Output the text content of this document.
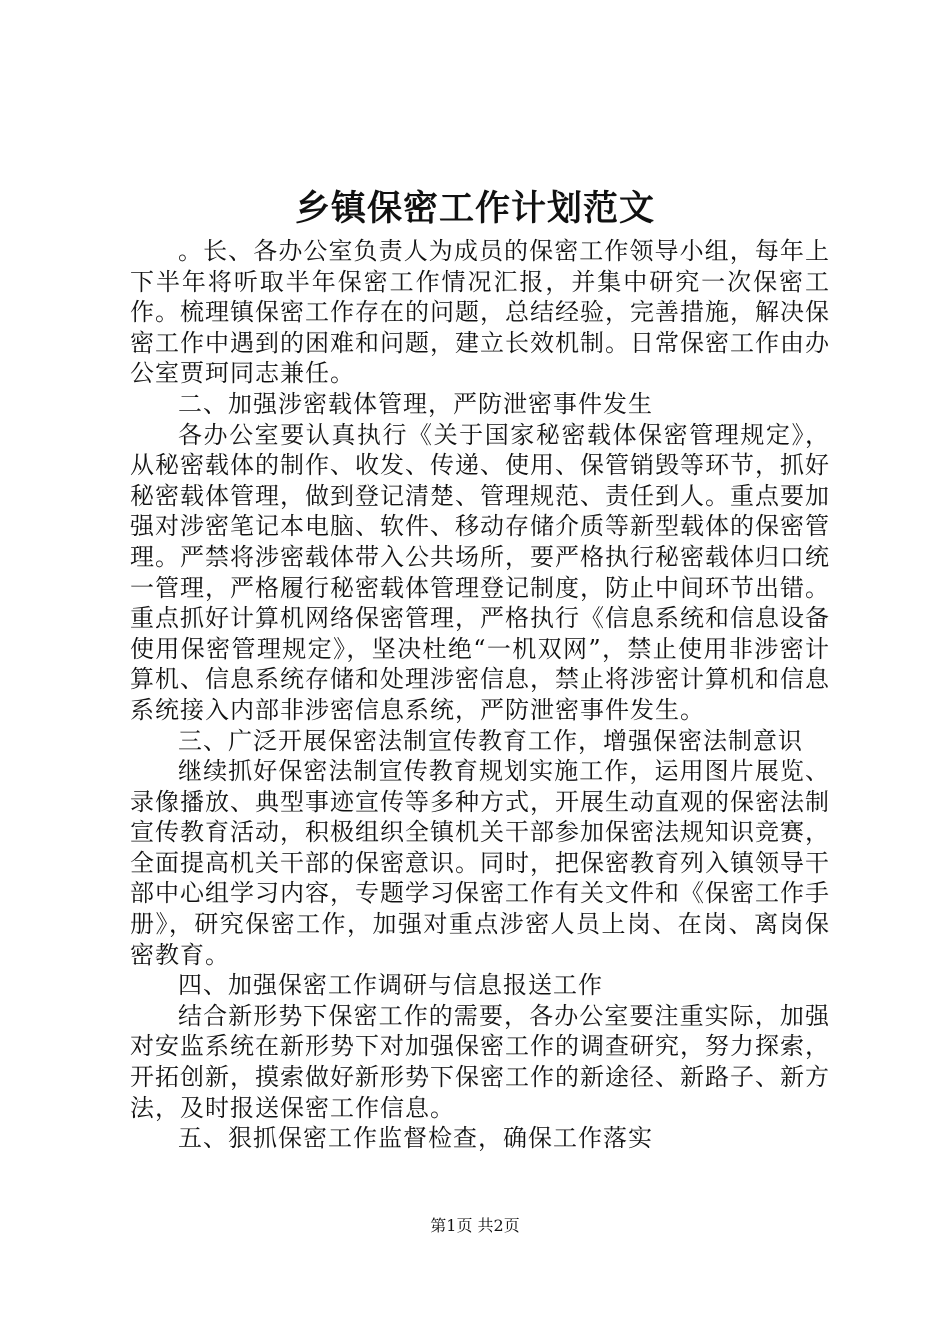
乡镇保密工作计划范文

。长、各办公室负责人为成员的保密工作领导小组，每年上下半年将听取半年保密工作情况汇报，并集中研究一次保密工作。梳理镇保密工作存在的问题，总结经验，完善措施，解决保密工作中遇到的困难和问题，建立长效机制。日常保密工作由办公室贾珂同志兼任。

二、加强涉密载体管理，严防泄密事件发生

各办公室要认真执行《关于国家秘密载体保密管理规定》，从秘密载体的制作、收发、传递、使用、保管销毁等环节，抓好秘密载体管理，做到登记清楚、管理规范、责任到人。重点要加强对涉密笔记本电脑、软件、移动存储介质等新型载体的保密管理。严禁将涉密载体带入公共场所，要严格执行秘密载体归口统一管理，严格履行秘密载体管理登记制度，防止中间环节出错。重点抓好计算机网络保密管理，严格执行《信息系统和信息设备使用保密管理规定》，坚决杜绝“一机双网”，禁止使用非涉密计算机、信息系统存储和处理涉密信息，禁止将涉密计算机和信息系统接入内部非涉密信息系统，严防泄密事件发生。

三、广泛开展保密法制宣传教育工作，增强保密法制意识

继续抓好保密法制宣传教育规划实施工作，运用图片展览、录像播放、典型事迹宣传等多种方式，开展生动直观的保密法制宣传教育活动，积极组织全镇机关干部参加保密法规知识竞赛，全面提高机关干部的保密意识。同时，把保密教育列入镇领导干部中心组学习内容，专题学习保密工作有关文件和《保密工作手册》，研究保密工作，加强对重点涉密人员上岗、在岗、离岗保密教育。

四、加强保密工作调研与信息报送工作

结合新形势下保密工作的需要，各办公室要注重实际，加强对安监系统在新形势下对加强保密工作的调查研究，努力探索，开拓创新，摸索做好新形势下保密工作的新途径、新路子、新方法，及时报送保密工作信息。

五、狠抓保密工作监督检查，确保工作落实

第1页 共2页
